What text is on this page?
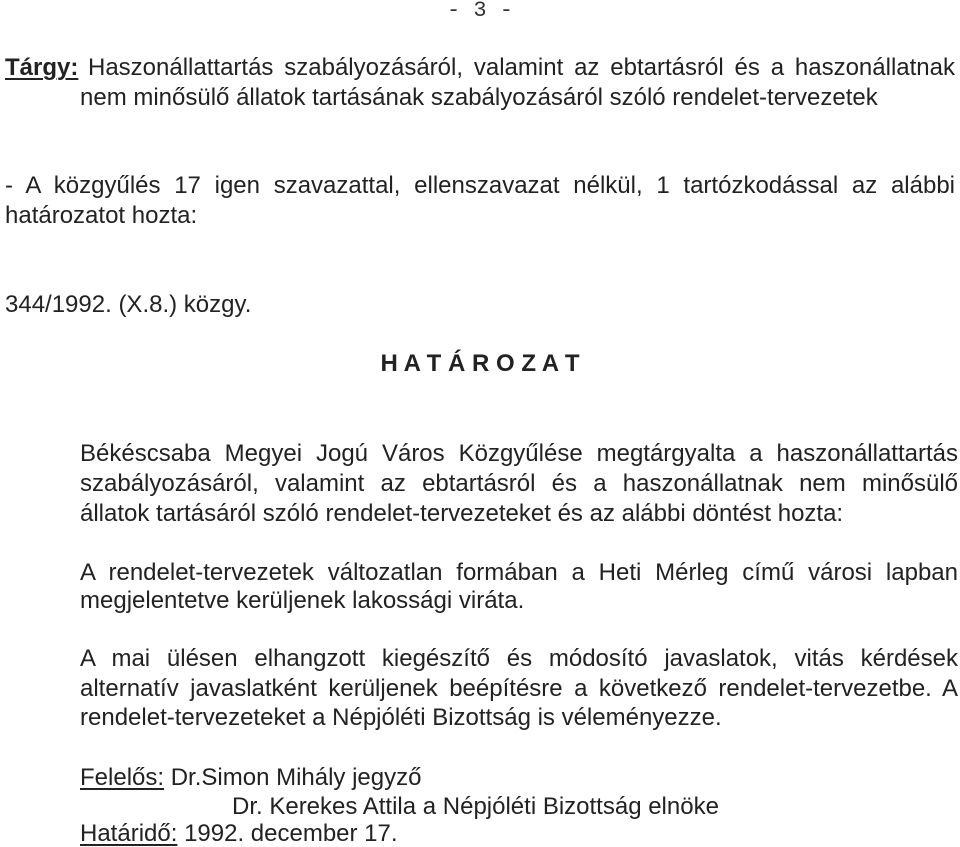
- 3 -
Tárgy: Haszonállattartás szabályozásáról, valamint az ebtartásról és a haszonállatnak
nem minősülő állatok tartásának szabályozásáról szóló rendelet-tervezetek
- A közgyűlés 17 igen szavazattal, ellenszavazat nélkül, 1 tartózkodással az alábbi
határozatot hozta:
344/1992. (X.8.) közgy.
H A T Á R O Z A T
Békéscsaba Megyei Jogú Város Közgyűlése megtárgyalta a haszonállattartás
szabályozásáról, valamint az ebtartásról és a haszonállatnak nem minősülő
állatok tartásáról szóló rendelet-tervezeteket és az alábbi döntést hozta:
A rendelet-tervezetek változatlan formában a Heti Mérleg című városi lapban
megjelentetve kerüljenek lakossági viráta.
A mai ülésen elhangzott kiegészítő és módosító javaslatok, vitás kérdések
alternatív javaslatként kerüljenek beépítésre a következő rendelet-tervezetbe. A
rendelet-tervezeteket a Népjóléti Bizottság is véleményezze.
Felelős: Dr.Simon Mihály jegyző
Dr. Kerekes Attila a Népjóléti Bizottság elnöke
Határidő: 1992. december 17.
